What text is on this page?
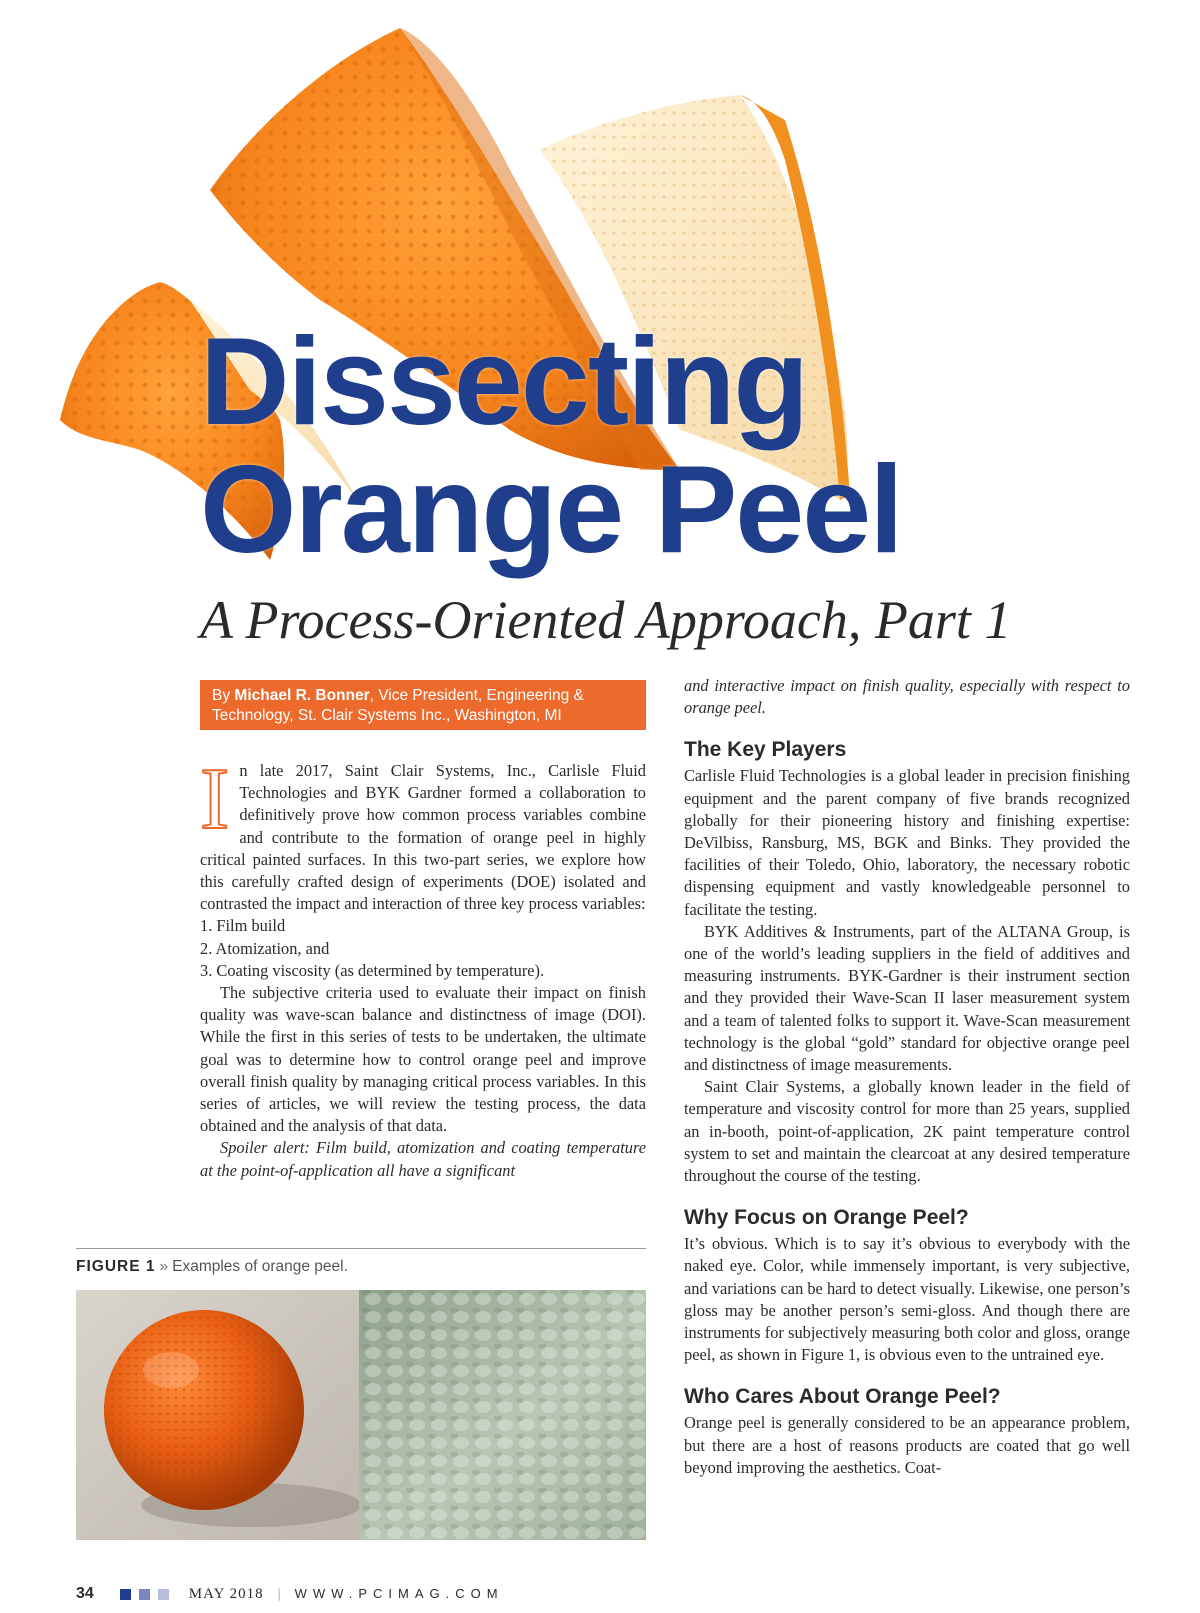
Dissecting
Orange Peel
A Process-Oriented Approach, Part 1
By Michael R. Bonner, Vice President, Engineering & Technology, St. Clair Systems Inc., Washington, MI
I n late 2017, Saint Clair Systems, Inc., Carlisle Fluid Technologies and BYK Gardner formed a collaboration to definitively prove how common process variables combine and contribute to the formation of orange peel in highly critical painted surfaces. In this two-part series, we explore how this carefully crafted design of experiments (DOE) isolated and contrasted the impact and interaction of three key process variables:

1. Film build
2. Atomization, and
3. Coating viscosity (as determined by temperature).

The subjective criteria used to evaluate their impact on finish quality was wave-scan balance and distinctness of image (DOI). While the first in this series of tests to be undertaken, the ultimate goal was to determine how to control orange peel and improve overall finish quality by managing critical process variables. In this series of articles, we will review the testing process, the data obtained and the analysis of that data.

Spoiler alert: Film build, atomization and coating temperature at the point-of-application all have a significant

and interactive impact on finish quality, especially with respect to orange peel.

The Key Players

Carlisle Fluid Technologies is a global leader in precision finishing equipment and the parent company of five brands recognized globally for their pioneering history and finishing expertise: DeVilbiss, Ransburg, MS, BGK and Binks. They provided the facilities of their Toledo, Ohio, laboratory, the necessary robotic dispensing equipment and vastly knowledgeable personnel to facilitate the testing.

BYK Additives & Instruments, part of the ALTANA Group, is one of the world’s leading suppliers in the field of additives and measuring instruments. BYK-Gardner is their instrument section and they provided their Wave-Scan II laser measurement system and a team of talented folks to support it. Wave-Scan measurement technology is the global “gold” standard for objective orange peel and distinctness of image measurements.

Saint Clair Systems, a globally known leader in the field of temperature and viscosity control for more than 25 years, supplied an in-booth, point-of-application, 2K paint temperature control system to set and maintain the clearcoat at any desired temperature throughout the course of the testing.

Why Focus on Orange Peel?

It’s obvious. Which is to say it’s obvious to everybody with the naked eye. Color, while immensely important, is very subjective, and variations can be hard to detect visually. Likewise, one person’s gloss may be another person’s semi-gloss. And though there are instruments for subjectively measuring both color and gloss, orange peel, as shown in Figure 1, is obvious even to the untrained eye.

Who Cares About Orange Peel?

Orange peel is generally considered to be an appearance problem, but there are a host of reasons products are coated that go well beyond improving the aesthetics. Coat-

FIGURE 1 » Examples of orange peel.
34	MAY 2018 | WWW.PCIMAG.COM
